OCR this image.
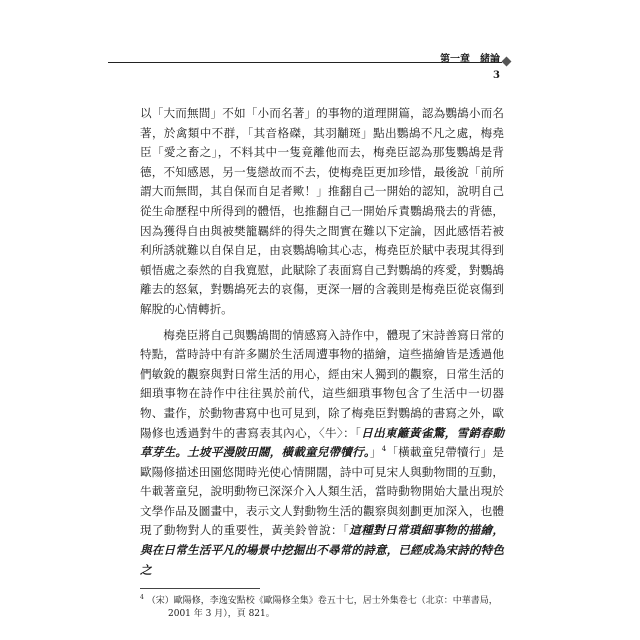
第一章　緒論
3

以「大而無間」不如「小而名著」的事物的道理開篇，認為鸚鴣小而名著，於禽類中不群，「其音格磔，其羽黼斑」點出鸚鴣不凡之處，梅堯臣「愛之畜之」，不料其中一隻竟離他而去，梅堯臣認為那隻鸚鴣是背德，不知感恩，另一隻戀故而不去，使梅堯臣更加珍惜，最後說「前所謂大而無間，其自保而自足者歟！」推翻自己一開始的認知，說明自己從生命歷程中所得到的體悟，也推翻自己一開始斥責鸚鴣飛去的背德，因為獲得自由與被樊籠羈絆的得失之間實在難以下定論，因此感悟若被利所誘就難以自保自足，由哀鸚鴣喻其心志，梅堯臣於賦中表現其得到頓悟處之泰然的自我寬慰，此賦除了表面寫自己對鸚鴣的疼愛，對鸚鴣離去的怒氣，對鸚鴣死去的哀傷，更深一層的含義則是梅堯臣從哀傷到解脫的心情轉折。

梅堯臣將自己與鸚鴣間的情感寫入詩作中，體現了宋詩善寫日常的特點，當時詩中有許多關於生活周遭事物的描繪，這些描繪皆是透過他們敏銳的觀察與對日常生活的用心，經由宋人獨到的觀察，日常生活的細瑣事物在詩作中往往異於前代，這些細瑣事物包含了生活中一切器物、畫作，於動物書寫中也可見到，除了梅堯臣對鸚鴣的書寫之外，歐陽修也透過對牛的書寫表其內心，〈牛〉：「日出東籬黃雀驚，雪銷春動草芽生。土坡平漫陂田闊，橫載童兒帶犢行。」$^4$「橫載童兒帶犢行」是歐陽修描述田園悠閒時光使心情開闊，詩中可見宋人與動物間的互動，牛載著童兒，說明動物已深深介入人類生活，當時動物開始大量出現於文學作品及圖畫中，表示文人對動物生活的觀察與刻劃更加深入，也體現了動物對人的重要性，黃美鈴曾說：「這種對日常瑣細事物的描繪，與在日常生活平凡的場景中挖掘出不尋常的詩意，已經成為宋詩的特色之

$^4$ （宋）歐陽修，李逸安點校《歐陽修全集》卷五十七，居士外集卷七（北京：中華書局，
2001 年 3 月），頁 821。
